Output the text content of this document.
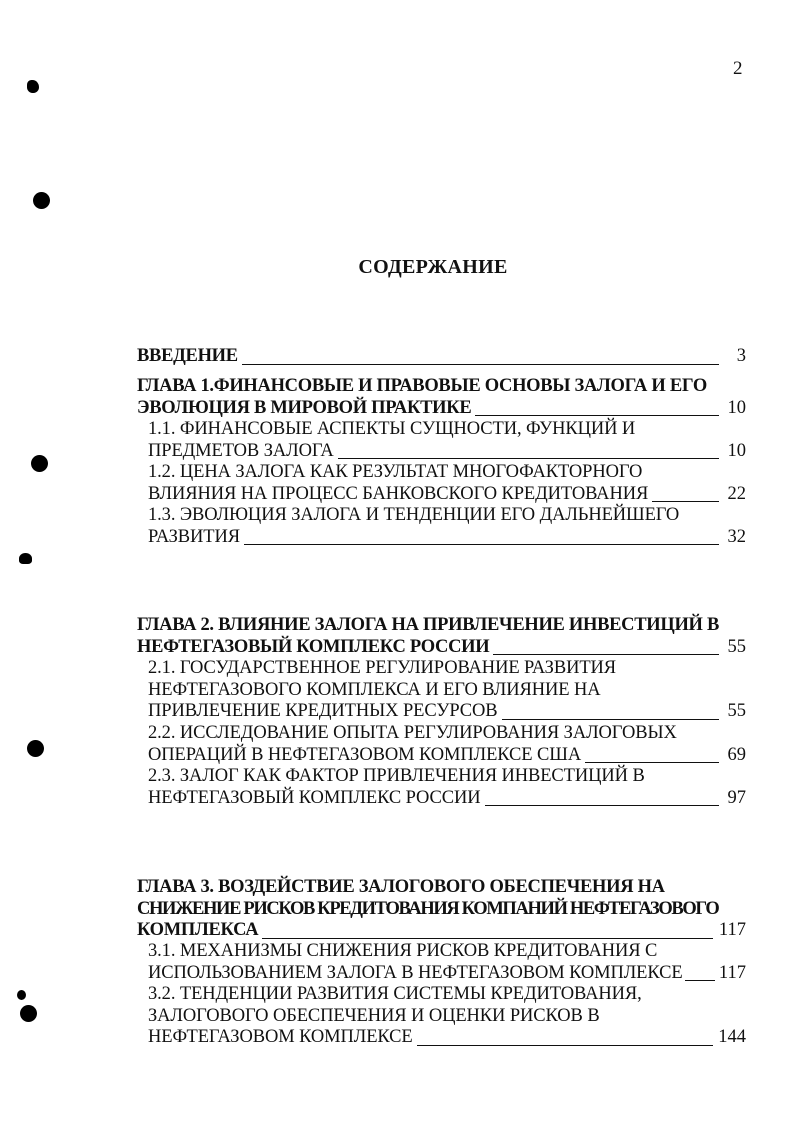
2
СОДЕРЖАНИЕ
ВВЕДЕНИЕ	3
ГЛАВА 1.ФИНАНСОВЫЕ И ПРАВОВЫЕ ОСНОВЫ ЗАЛОГА И ЕГО
ЭВОЛЮЦИЯ В МИРОВОЙ ПРАКТИКЕ	10
1.1. ФИНАНСОВЫЕ АСПЕКТЫ СУЩНОСТИ, ФУНКЦИЙ И
ПРЕДМЕТОВ ЗАЛОГА	10
1.2. ЦЕНА ЗАЛОГА КАК РЕЗУЛЬТАТ МНОГОФАКТОРНОГО
ВЛИЯНИЯ НА ПРОЦЕСС БАНКОВСКОГО КРЕДИТОВАНИЯ	22
1.3. ЭВОЛЮЦИЯ ЗАЛОГА И ТЕНДЕНЦИИ ЕГО ДАЛЬНЕЙШЕГО
РАЗВИТИЯ	32
ГЛАВА 2. ВЛИЯНИЕ ЗАЛОГА НА ПРИВЛЕЧЕНИЕ ИНВЕСТИЦИЙ В
НЕФТЕГАЗОВЫЙ КОМПЛЕКС РОССИИ	55
2.1. ГОСУДАРСТВЕННОЕ РЕГУЛИРОВАНИЕ РАЗВИТИЯ
НЕФТЕГАЗОВОГО КОМПЛЕКСА И ЕГО ВЛИЯНИЕ НА
ПРИВЛЕЧЕНИЕ КРЕДИТНЫХ РЕСУРСОВ	55
2.2. ИССЛЕДОВАНИЕ ОПЫТА РЕГУЛИРОВАНИЯ ЗАЛОГОВЫХ
ОПЕРАЦИЙ В НЕФТЕГАЗОВОМ КОМПЛЕКСЕ США	69
2.3. ЗАЛОГ КАК ФАКТОР ПРИВЛЕЧЕНИЯ ИНВЕСТИЦИЙ В
НЕФТЕГАЗОВЫЙ КОМПЛЕКС РОССИИ	97
ГЛАВА 3. ВОЗДЕЙСТВИЕ ЗАЛОГОВОГО ОБЕСПЕЧЕНИЯ НА
СНИЖЕНИЕ РИСКОВ КРЕДИТОВАНИЯ КОМПАНИЙ НЕФТЕГАЗОВОГО
КОМПЛЕКСА	117
3.1. МЕХАНИЗМЫ СНИЖЕНИЯ РИСКОВ КРЕДИТОВАНИЯ С
ИСПОЛЬЗОВАНИЕМ ЗАЛОГА В НЕФТЕГАЗОВОМ КОМПЛЕКСЕ 117
3.2. ТЕНДЕНЦИИ РАЗВИТИЯ СИСТЕМЫ КРЕДИТОВАНИЯ,
ЗАЛОГОВОГО ОБЕСПЕЧЕНИЯ И ОЦЕНКИ РИСКОВ В
НЕФТЕГАЗОВОМ КОМПЛЕКСЕ	144
